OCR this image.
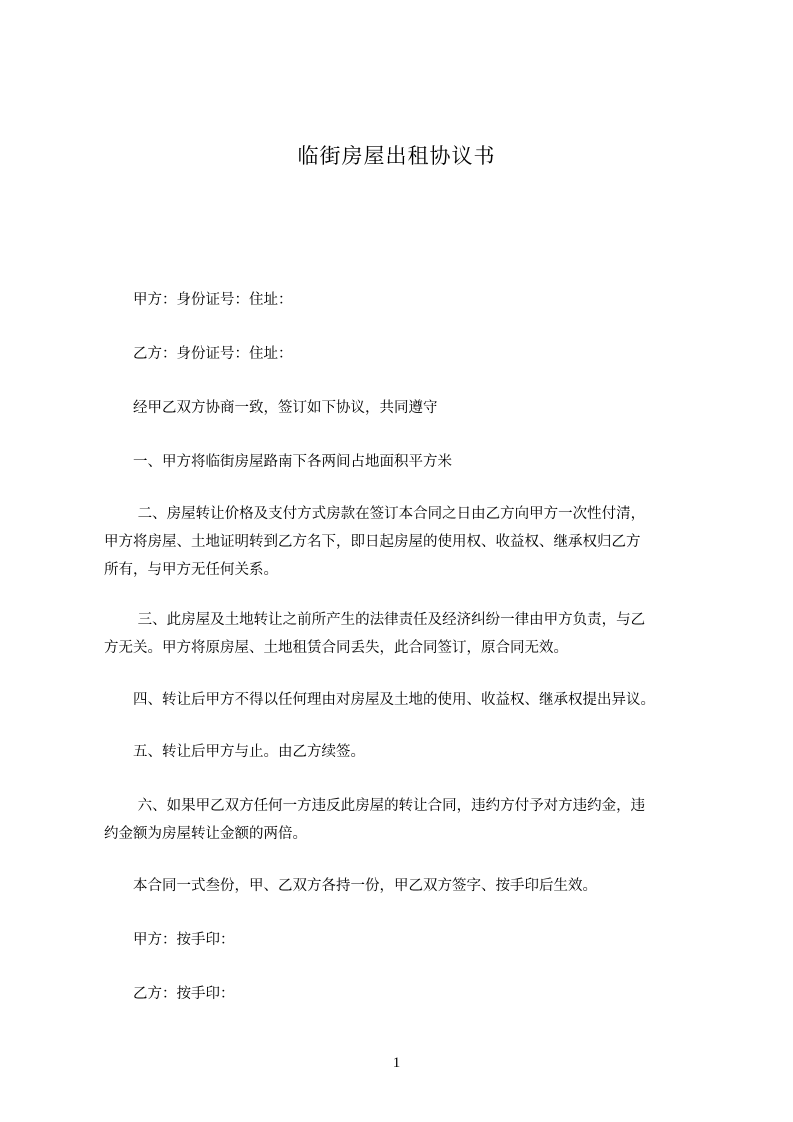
临街房屋出租协议书
　　甲方：身份证号：住址：
　　乙方：身份证号：住址：
　　经甲乙双方协商一致，签订如下协议，共同遵守
　　一、甲方将临街房屋路南下各两间占地面积平方米
　　 二、房屋转让价格及支付方式房款在签订本合同之日由乙方向甲方一次性付清，
甲方将房屋、土地证明转到乙方名下，即日起房屋的使用权、收益权、继承权归乙方
所有，与甲方无任何关系。
　　 三、此房屋及土地转让之前所产生的法律责任及经济纠纷一律由甲方负责，与乙
方无关。甲方将原房屋、土地租赁合同丢失，此合同签订，原合同无效。
　　四、转让后甲方不得以任何理由对房屋及土地的使用、收益权、继承权提出异议。
　　五、转让后甲方与止。由乙方续签。
　　 六、如果甲乙双方任何一方违反此房屋的转让合同，违约方付予对方违约金，违
约金额为房屋转让金额的两倍。
　　本合同一式叁份，甲、乙双方各持一份，甲乙双方签字、按手印后生效。
　　甲方：按手印：
　　乙方：按手印：
1
